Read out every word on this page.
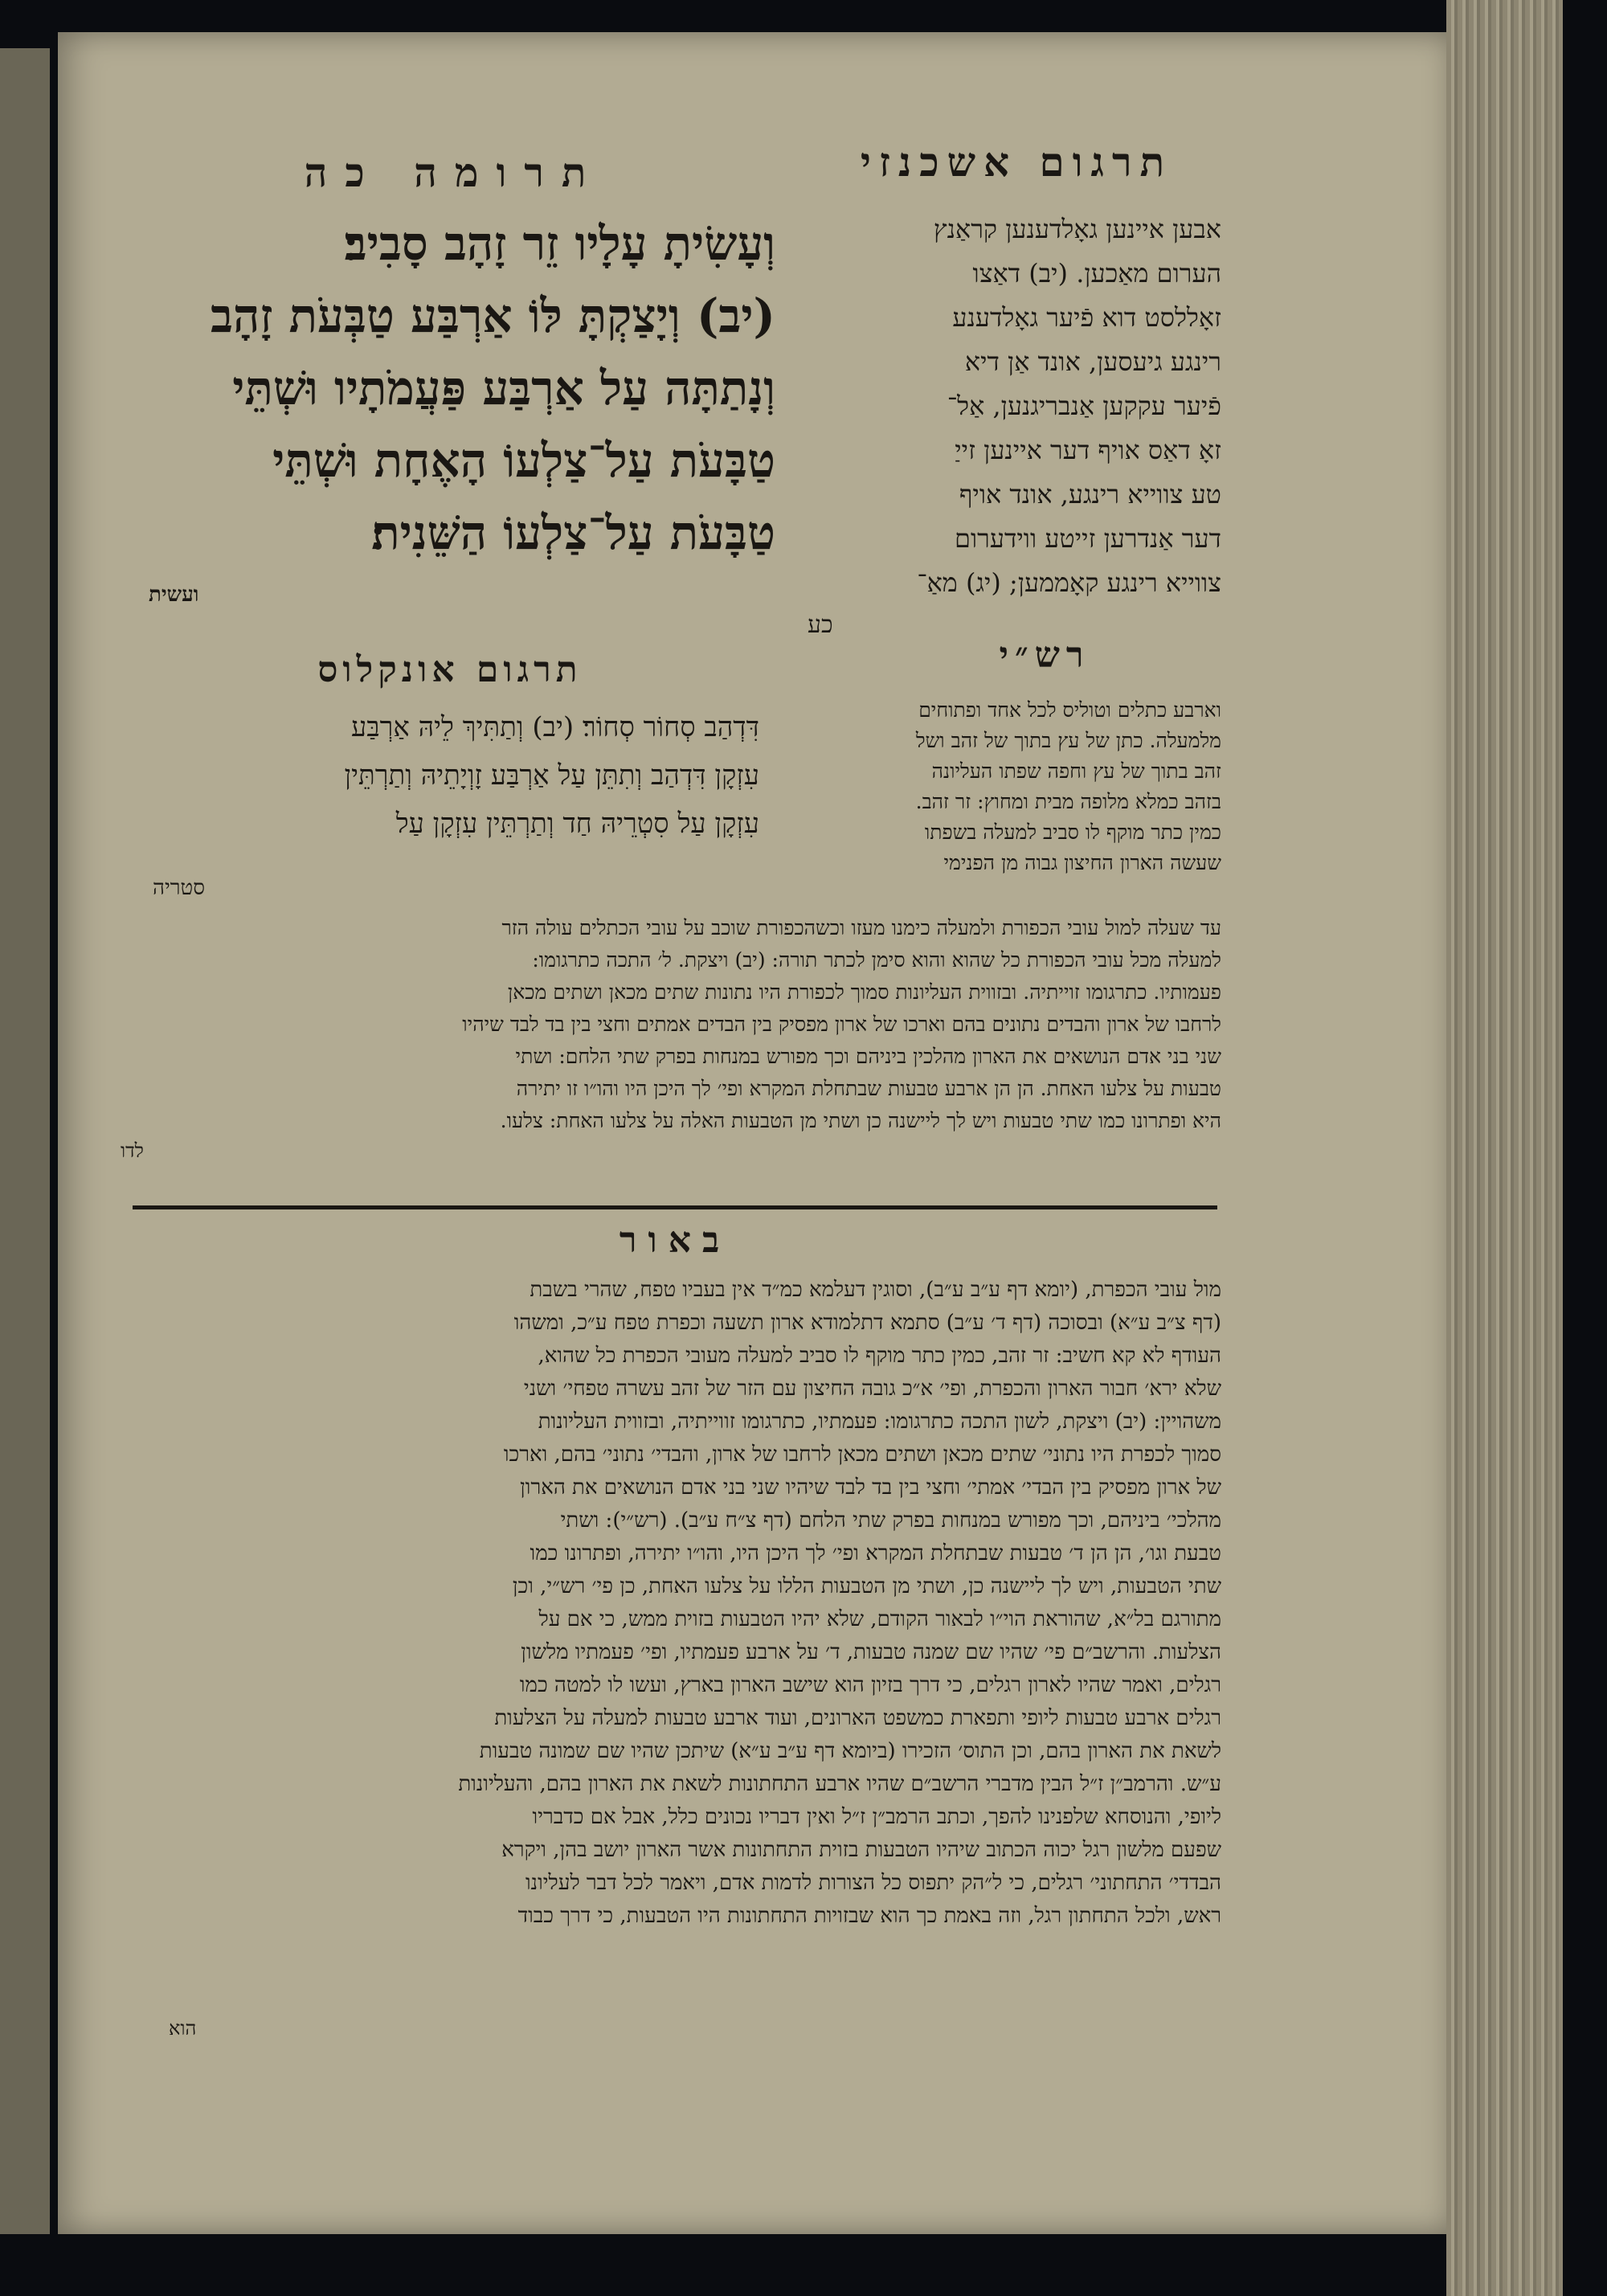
תרגום אשכנזי
תרומה כה
וְעָשִׂיתָ עָלָיו זֵר זָהָב סָבִיב׃
(יב) וְיָצַקְתָּ לּוֹ אַרְבַּע טַבְּעֹת זָהָב
וְנָתַתָּה עַל אַרְבַּע פַּעֲמֹתָיו וּשְׁתֵּי
טַבָּעֹת עַל־צַלְעוֹ הָאֶחָת וּשְׁתֵּי
טַבָּעֹת עַל־צַלְעוֹ הַשֵּׁנִית׃
ועשית
אבען איינען גאָלדענען קראַנץ
הערום מאַכען. (יב) דאַצו
זאָללסט דוא פֿיער גאָלדענע
רינגע גיעסען, אונד אַן דיא
פֿיער עקקען אַנבריגנען, אַל־
זאָ דאַס אויף דער איינען זייַ
טע צווייא רינגע, אונד אויף
דער אַנדרען זייטע ווידערום
צווייא רינגע קאָממען; (יג) מאַ־
כע
תרגום אונקלוס
דִּדְהַב סְחוֹר סְחוֹר׃ (יב) וְתַתִּיךְ לֵיהּ אַרְבַּע
עִזְקָן דִּדְהַב וְתִתֵּן עַל אַרְבַּע זָוְיָתֵיהּ וְתַרְתֵּין
עִזְקָן עַל סִטְרֵיהּ חַד וְתַרְתֵּין עִזְקָן עַל
סטריה
רש״י
וארבע כתלים וטוליס לכל אחד ופתוחים
מלמעלה. כתן של עץ בתוך של זהב ושל
זהב בתוך של עץ וחפה שפתו העליונה
בזהב כמלא מלופה מבית ומחוץ: זר זהב.
כמין כתר מוקף לו סביב למעלה בשפתו
שעשה הארון החיצון גבוה מן הפנימי
עד שעלה למול עובי הכפורת ולמעלה כימנו מעזו וכשהכפורת שוכב על עובי הכתלים עולה הזר
למעלה מכל עובי הכפורת כל שהוא והוא סימן לכתר תורה: (יב) ויצקת. ל׳ התכה כתרגומו:
פעמותיו. כתרגומו זוייתיה. ובזווית העליונות סמוך לכפורת היו נתונות שתים מכאן ושתים מכאן
לרחבו של ארון והבדים נתונים בהם וארכו של ארון מפסיק בין הבדים אמתים וחצי בין בד לבד שיהיו
שני בני אדם הנושאים את הארון מהלכין ביניהם וכך מפורש במנחות בפרק שתי הלחם: ושתי
טבעות על צלעו האחת. הן הן ארבע טבעות שבתחלת המקרא ופי׳ לך היכן היו והו״ו זו יתירה
היא ופתרונו כמו שתי טבעות ויש לך ליישנה כן ושתי מן הטבעות האלה על צלעו האחת: צלעו.
לדו
באור
מול עובי הכפרת, (יומא דף ע״ב ע״ב), וסוגין דעלמא כמ״ד אין בעביו טפח, שהרי בשבת
(דף צ״ב ע״א) ובסוכה (דף ד׳ ע״ב) סתמא דתלמודא ארון תשעה וכפרת טפח ע״כ, ומשהו
העודף לא קא חשיב: זר זהב, כמין כתר מוקף לו סביב למעלה מעובי הכפרת כל שהוא,
שלא ירא׳ חבור הארון והכפרת, ופי׳ א״כ גובה החיצון עם הזר של זהב עשרה טפחי׳ ושני
משהויין: (יב) ויצקת, לשון התכה כתרגומו: פעמתיו, כתרגומו זווייתיה, ובזווית העליונות
סמוך לכפרת היו נתוני׳ שתים מכאן ושתים מכאן לרחבו של ארון, והבדי׳ נתוני׳ בהם, וארכו
של ארון מפסיק בין הבדי׳ אמתי׳ וחצי בין בד לבד שיהיו שני בני אדם הנושאים את הארון
מהלכי׳ ביניהם, וכך מפורש במנחות בפרק שתי הלחם (דף צ״ח ע״ב). (רש״י): ושתי
טבעת וגו׳, הן הן ד׳ טבעות שבתחלת המקרא ופי׳ לך היכן היו, והו״ו יתירה, ופתרונו כמו
שתי הטבעות, ויש לך ליישנה כן, ושתי מן הטבעות הללו על צלעו האחת, כן פי׳ רש״י, וכן
מתורגם בל״א, שהוראת הוי״ו לבאור הקודם, שלא יהיו הטבעות בזוית ממש, כי אם על
הצלעות. והרשב״ם פי׳ שהיו שם שמנה טבעות, ד׳ על ארבע פעמתיו, ופי׳ פעמתיו מלשון
רגלים, ואמר שהיו לארון רגלים, כי דרך בזיון הוא שישב הארון בארץ, ועשו לו למטה כמו
רגלים ארבע טבעות ליופי ותפארת כמשפט הארונים, ועוד ארבע טבעות למעלה על הצלעות
לשאת את הארון בהם, וכן התוס׳ הזכירו (ביומא דף ע״ב ע״א) שיתכן שהיו שם שמונה טבעות
ע״ש. והרמב״ן ז״ל הבין מדברי הרשב״ם שהיו ארבע התחתונות לשאת את הארון בהם, והעליונות
ליופי, והנוסחא שלפנינו להפך, וכתב הרמב״ן ז״ל ואין דבריו נכונים כלל, אבל אם כדבריו
שפעם מלשון רגל יכוה הכתוב שיהיו הטבעות בזוית התחתונות אשר הארון יושב בהן, ויקרא
הבדדי׳ התחתוני׳ רגלים, כי ל״הק יתפוס כל הצורות לדמות אדם, ויאמר לכל דבר לעליונו
ראש, ולכל התחתון רגל, וזה באמת כך הוא שבזויות התחתונות היו הטבעות, כי דרך כבוד
הוא
